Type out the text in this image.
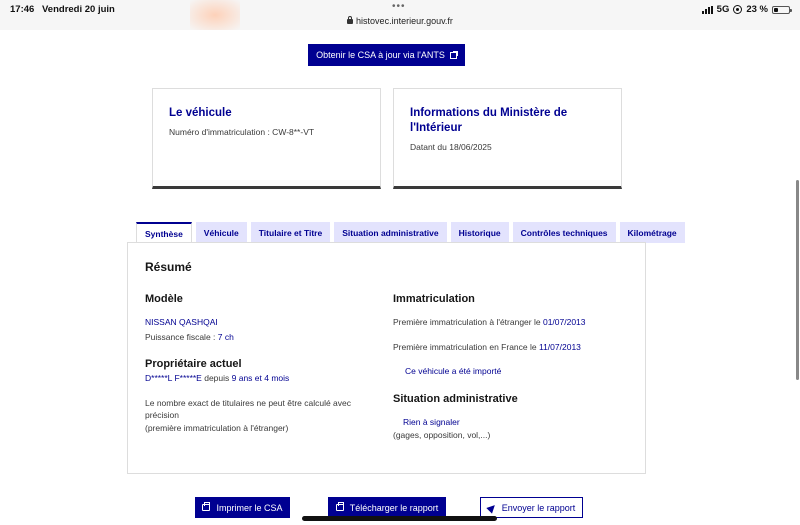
17:46 Vendredi 20 juin	•••
histovec.interieur.gouv.fr
5G 23 %
Obtenir le CSA à jour via l'ANTS
Le véhicule
Numéro d'immatriculation : CW-8**-VT
Informations du Ministère de
l'Intérieur
Datant du 18/06/2025
Synthèse	Véhicule	Titulaire et Titre	Situation administrative	Historique	Contrôles techniques	Kilométrage
Résumé
Modèle
NISSAN QASHQAI
Puissance fiscale : 7 ch
Propriétaire actuel
D*****L F*****E depuis 9 ans et 4 mois
Le nombre exact de titulaires ne peut être calculé avec
précision
(première immatriculation à l'étranger)
Immatriculation
Première immatriculation à l'étranger le 01/07/2013
Première immatriculation en France le 11/07/2013
Ce véhicule a été importé
Situation administrative
Rien à signaler
(gages, opposition, vol,...)
Imprimer le CSA	Télécharger le rapport	Envoyer le rapport
